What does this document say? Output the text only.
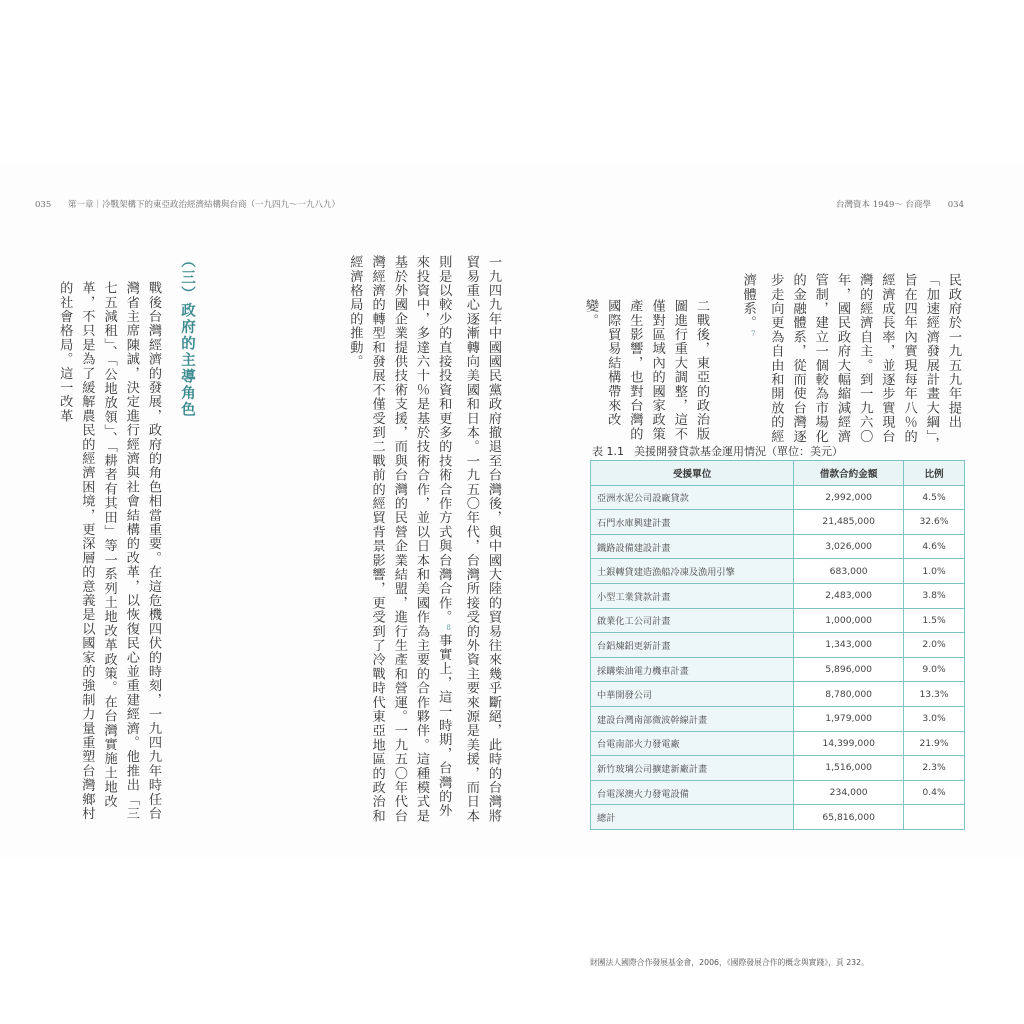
035 第一章｜冷戰架構下的東亞政治經濟結構與台商（一九四九～一九八九）
一九四九年中國國民黨政府撤退至台灣後，與中國大陸的貿易往來幾乎斷絕，此時的台灣將貿易重心逐漸轉向美國和日本。一九五〇年代，台灣所接受的外資主要來源是美援，而日本則是以較少的直接投資和更多的技術合作方式與台灣合作。$^8$事實上，這一時期，台灣的外來投資中，多達六十％是基於技術合作，並以日本和美國作為主要的合作夥伴。這種模式是基於外國企業提供技術支援，而與台灣的民營企業結盟，進行生產和營運。一九五〇年代台灣經濟的轉型和發展不僅受到二戰前的經貿背景影響，更受到了冷戰時代東亞地區的政治和經濟格局的推動。
（三）政府的主導角色
戰後台灣經濟的發展，政府的角色相當重要。在這危機四伏的時刻，一九四九年時任台灣省主席陳誠，決定進行經濟與社會結構的改革，以恢復民心並重建經濟。他推出「三七五減租」、「公地放領」、「耕者有其田」等一系列土地改革政策。在台灣實施土地改革，不只是為了緩解農民的經濟困境，更深層的意義是以國家的強制力量重塑台灣鄉村的社會格局。這一改革
台灣資本 1949～ 台商學 034
民政府於一九五九年提出「加速經濟發展計畫大綱」，旨在四年內實現每年八％的經濟成長率，並逐步實現台灣的經濟自主。到一九六〇年，國民政府大幅縮減經濟管制，建立一個較為市場化的金融體系，從而使台灣逐步走向更為自由和開放的經濟體系。$^7$
二戰後，東亞的政治版圖進行重大調整，這不僅對區域內的國家政策產生影響，也對台灣的國際貿易結構帶來改變。
表 1.1 美援開發貸款基金運用情況（單位：美元）
受援單位	借款合約金額	比例
亞洲水泥公司設廠貸款	2,992,000	4.5%
石門水庫興建計畫	21,485,000	32.6%
鐵路設備建設計畫	3,026,000	4.6%
土銀轉貸建造漁船冷凍及漁用引擎	683,000	1.0%
小型工業貸款計畫	2,483,000	3.8%
啟業化工公司計畫	1,000,000	1.5%
台鋁煉鋁更新計畫	1,343,000	2.0%
採購柴油電力機車計畫	5,896,000	9.0%
中華開發公司	8,780,000	13.3%
建設台灣南部微波幹線計畫	1,979,000	3.0%
台電南部火力發電廠	14,399,000	21.9%
新竹玻璃公司擴建新廠計畫	1,516,000	2.3%
台電深澳火力發電設備	234,000	0.4%
總計	65,816,000	
財團法人國際合作發展基金會，2006，《國際發展合作的概念與實踐》，頁 232。
